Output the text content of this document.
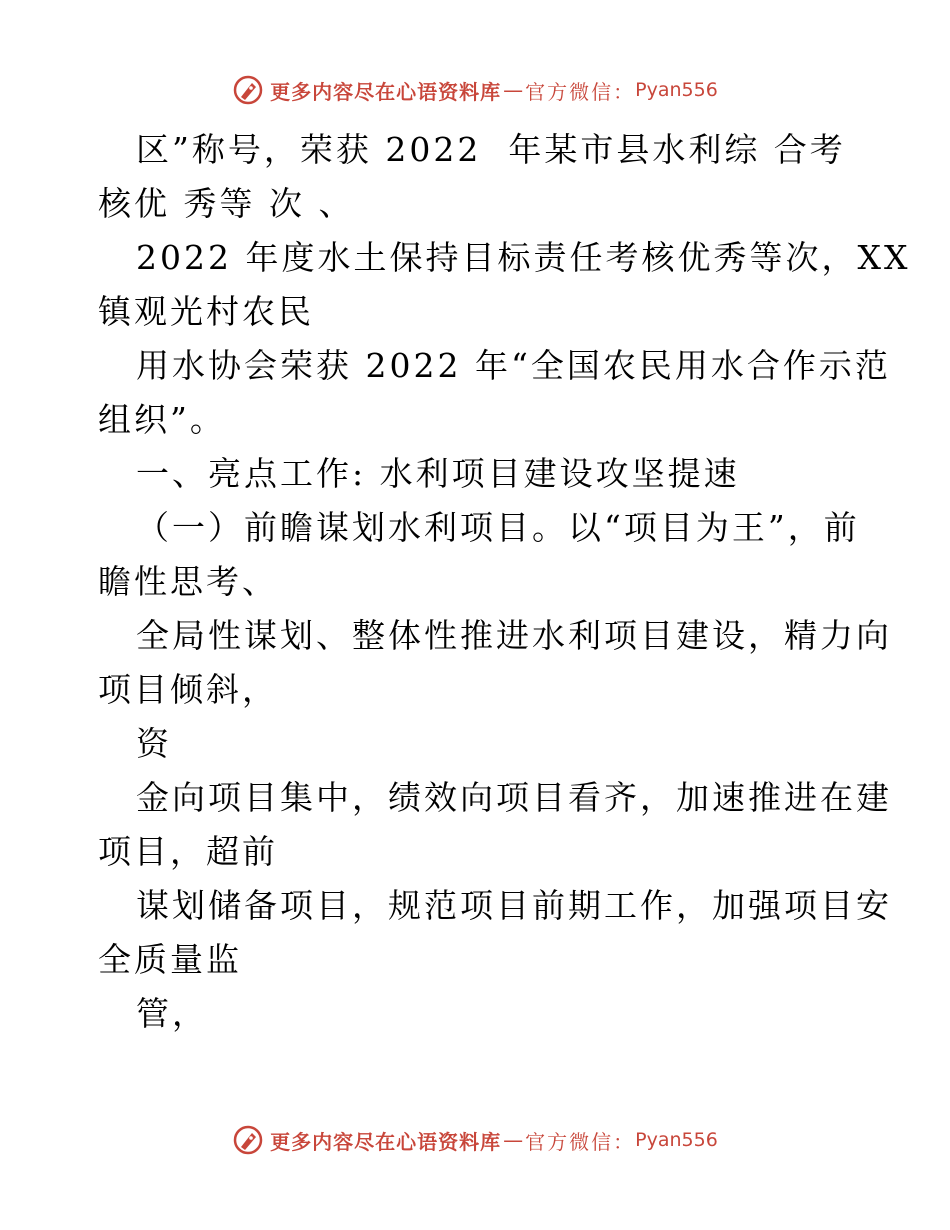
更多内容尽在心语资料库 — 官方微信： Pyan556
区”称号，荣获 2022  年某市县水利综 合考
核优 秀等 次 、
2022 年度水土保持目标责任考核优秀等次，XX
镇观光村农民
用水协会荣获 2022 年“全国农民用水合作示范
组织”。
一、亮点工作: 水利项目建设攻坚提速
（一）前瞻谋划水利项目。以“项目为王”，前
瞻性思考、
全局性谋划、整体性推进水利项目建设，精力向
项目倾斜，
资
金向项目集中，绩效向项目看齐，加速推进在建
项目，超前
谋划储备项目，规范项目前期工作，加强项目安
全质量监
管，
更多内容尽在心语资料库 — 官方微信： Pyan556
